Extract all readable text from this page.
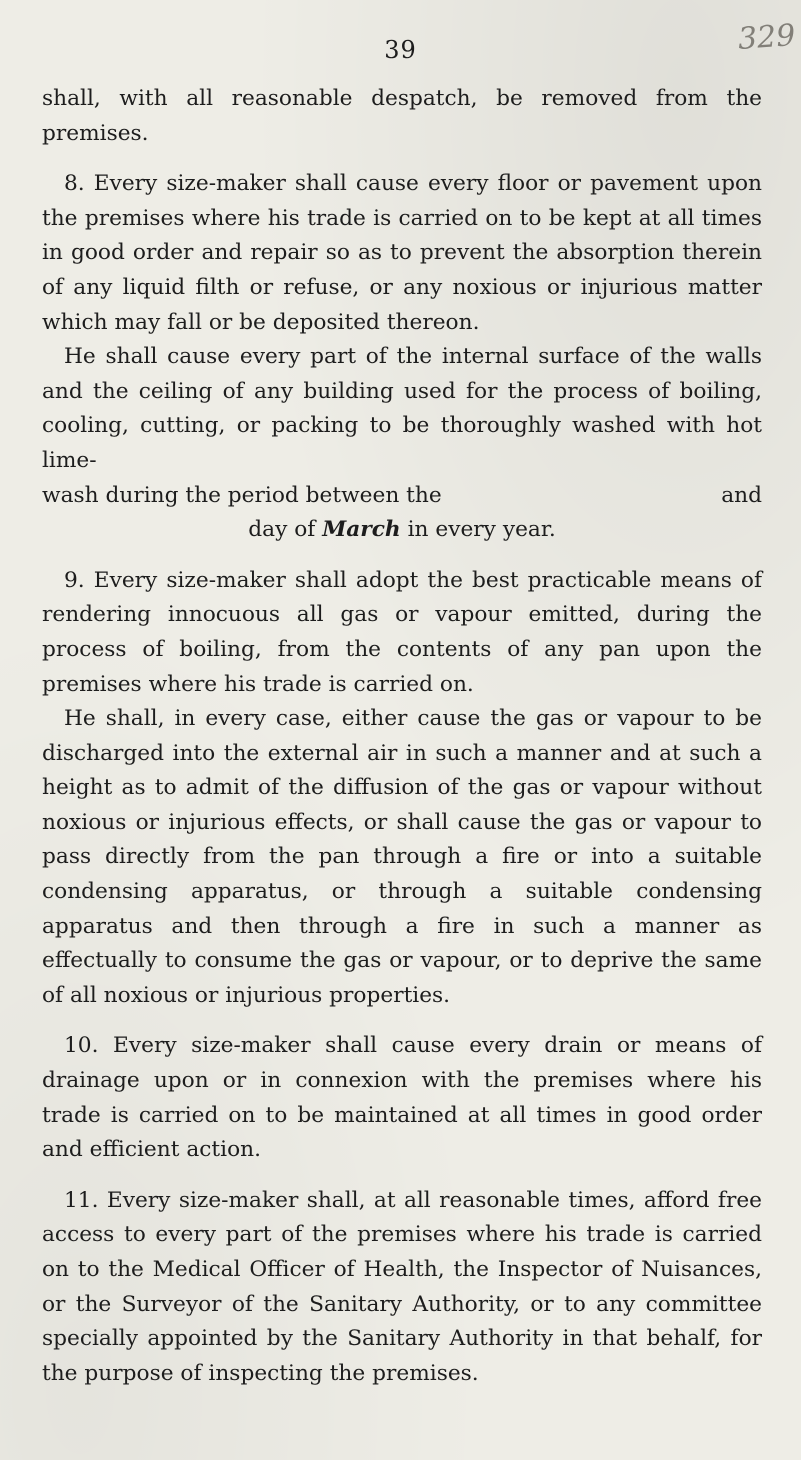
39	329

shall, with all reasonable despatch, be removed from the premises.

8. Every size-maker shall cause every floor or pavement upon the premises where his trade is carried on to be kept at all times in good order and repair so as to prevent the absorption therein of any liquid filth or refuse, or any noxious or injurious matter which may fall or be deposited thereon.

He shall cause every part of the internal surface of the walls and the ceiling of any building used for the process of boiling, cooling, cutting, or packing to be thoroughly washed with hot lime-

wash during the period between the	and

day of March in every year.

9. Every size-maker shall adopt the best practicable means of rendering innocuous all gas or vapour emitted, during the process of boiling, from the contents of any pan upon the premises where his trade is carried on.

He shall, in every case, either cause the gas or vapour to be discharged into the external air in such a manner and at such a height as to admit of the diffusion of the gas or vapour without noxious or injurious effects, or shall cause the gas or vapour to pass directly from the pan through a fire or into a suitable condensing apparatus, or through a suitable condensing apparatus and then through a fire in such a manner as effectually to consume the gas or vapour, or to deprive the same of all noxious or injurious properties.

10. Every size-maker shall cause every drain or means of drainage upon or in connexion with the premises where his trade is carried on to be maintained at all times in good order and efficient action.

11. Every size-maker shall, at all reasonable times, afford free access to every part of the premises where his trade is carried on to the Medical Officer of Health, the Inspector of Nuisances, or the Surveyor of the Sanitary Authority, or to any committee specially appointed by the Sanitary Authority in that behalf, for the purpose of inspecting the premises.
